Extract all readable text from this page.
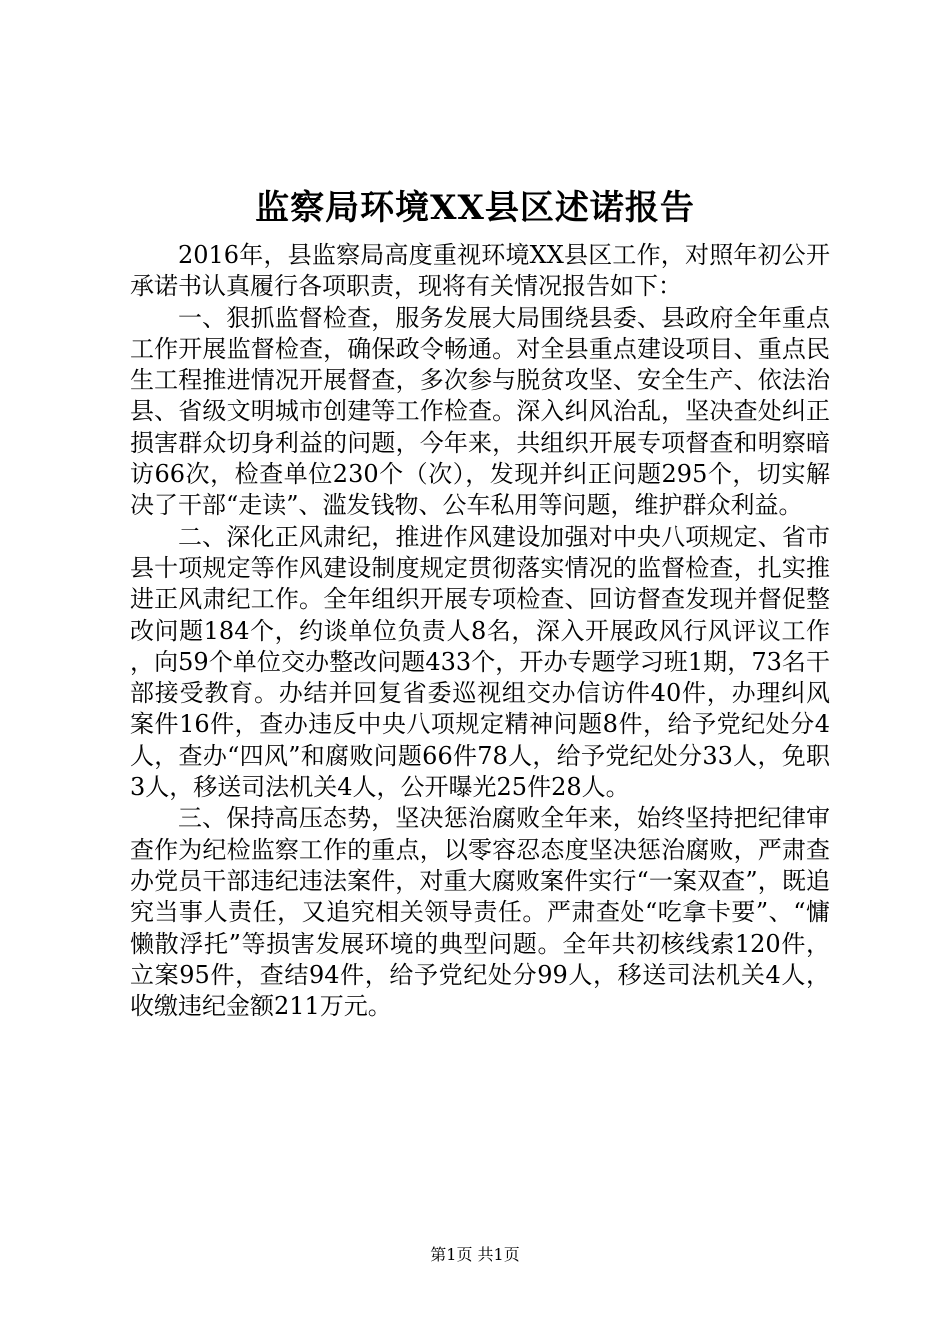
监察局环境XX县区述诺报告

2016年，县监察局高度重视环境XX县区工作，对照年初公开承诺书认真履行各项职责，现将有关情况报告如下：

一、狠抓监督检查，服务发展大局围绕县委、县政府全年重点工作开展监督检查，确保政令畅通。对全县重点建设项目、重点民生工程推进情况开展督查，多次参与脱贫攻坚、安全生产、依法治县、省级文明城市创建等工作检查。深入纠风治乱，坚决查处纠正损害群众切身利益的问题，今年来，共组织开展专项督查和明察暗访66次，检查单位230个（次），发现并纠正问题295个，切实解决了干部“走读”、滥发钱物、公车私用等问题，维护群众利益。

二、深化正风肃纪，推进作风建设加强对中央八项规定、省市县十项规定等作风建设制度规定贯彻落实情况的监督检查，扎实推进正风肃纪工作。全年组织开展专项检查、回访督查发现并督促整改问题184个，约谈单位负责人8名，深入开展政风行风评议工作，向59个单位交办整改问题433个，开办专题学习班1期，73名干部接受教育。办结并回复省委巡视组交办信访件40件，办理纠风案件16件，查办违反中央八项规定精神问题8件，给予党纪处分4人，查办“四风”和腐败问题66件78人，给予党纪处分33人，免职3人，移送司法机关4人，公开曝光25件28人。

三、保持高压态势，坚决惩治腐败全年来，始终坚持把纪律审查作为纪检监察工作的重点，以零容忍态度坚决惩治腐败，严肃查办党员干部违纪违法案件，对重大腐败案件实行“一案双查”，既追究当事人责任，又追究相关领导责任。严肃查处“吃拿卡要”、“慵懒散浮托”等损害发展环境的典型问题。全年共初核线索120件，立案95件，查结94件，给予党纪处分99人，移送司法机关4人，收缴违纪金额211万元。

第1页 共1页
